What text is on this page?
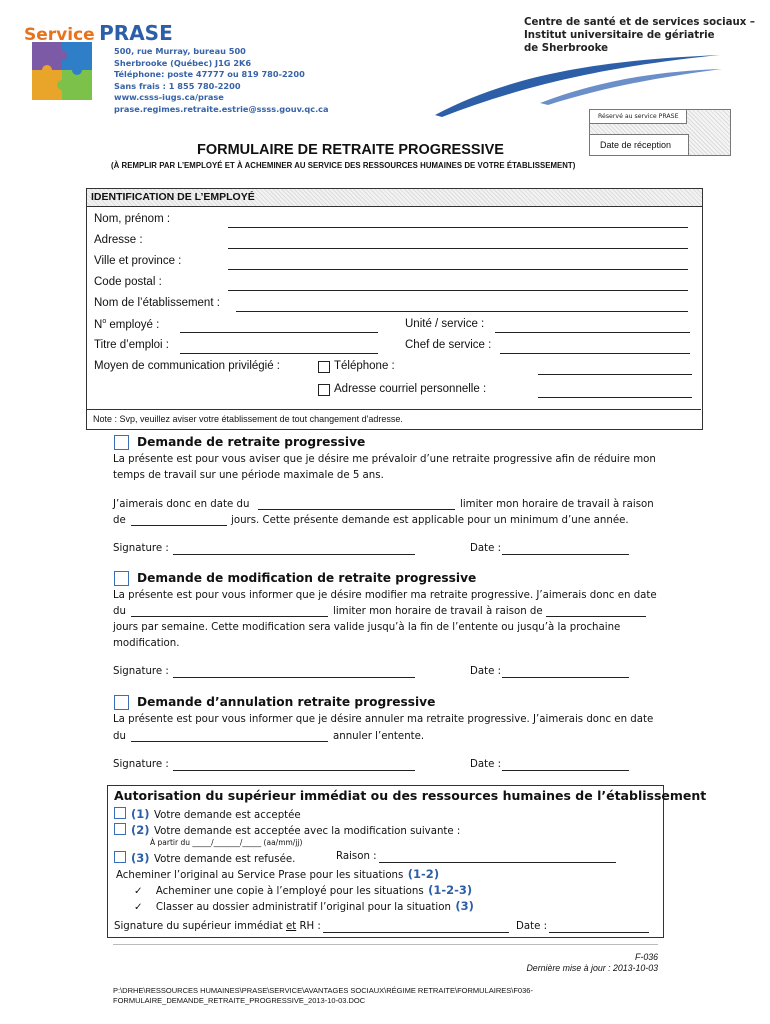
Service PRASE
500, rue Murray, bureau 500
Sherbrooke (Québec) J1G 2K6
Téléphone: poste 47777 ou 819 780-2200
Sans frais : 1 855 780-2200
www.csss-iugs.ca/prase
prase.regimes.retraite.estrie@ssss.gouv.qc.ca
Centre de santé et de services sociaux –
Institut universitaire de gériatrie
de Sherbrooke
Réservé au service PRASE
Date de réception
FORMULAIRE DE RETRAITE PROGRESSIVE
(À REMPLIR PAR L’EMPLOYÉ ET À ACHEMINER AU SERVICE DES RESSOURCES HUMAINES DE VOTRE ÉTABLISSEMENT)
IDENTIFICATION DE L’EMPLOYÉ
Nom, prénom :
Adresse :
Ville et province :
Code postal :
Nom de l’établissement :
$N^o$ employé :	Unité / service :
Titre d’emploi :	Chef de service :
Moyen de communication privilégié :	Téléphone :
Adresse courriel personnelle :
Note : Svp, veuillez aviser votre établissement de tout changement d'adresse.
Demande de retraite progressive
La présente est pour vous aviser que je désire me prévaloir d’une retraite progressive afin de réduire mon
temps de travail sur une période maximale de 5 ans.
J’aimerais donc en date du	limiter mon horaire de travail à raison
de	jours. Cette présente demande est applicable pour un minimum d’une année.
Signature :	Date :
Demande de modification de retraite progressive
La présente est pour vous informer que je désire modifier ma retraite progressive. J’aimerais donc en date
du	limiter mon horaire de travail à raison de
jours par semaine. Cette modification sera valide jusqu’à la fin de l’entente ou jusqu’à la prochaine
modification.
Signature :	Date :
Demande d’annulation retraite progressive
La présente est pour vous informer que je désire annuler ma retraite progressive. J’aimerais donc en date
du	annuler l’entente.
Signature :	Date :
Autorisation du supérieur immédiat ou des ressources humaines de l’établissement
(1) Votre demande est acceptée
(2) Votre demande est acceptée avec la modification suivante :
À partir du _____/_______/_____ (aa/mm/jj)
(3) Votre demande est refusée.	Raison :
Acheminer l’original au Service Prase pour les situations (1-2)
✓ Acheminer une copie à l’employé pour les situations (1-2-3)
✓ Classer au dossier administratif l’original pour la situation (3)
Signature du supérieur immédiat et RH :	Date :
F-036
Dernière mise à jour : 2013-10-03
P:\DRHE\RESSOURCES HUMAINES\PRASE\SERVICE\AVANTAGES SOCIAUX\RÉGIME RETRAITE\FORMULAIRES\F036-
FORMULAIRE_DEMANDE_RETRAITE_PROGRESSIVE_2013-10-03.DOC
